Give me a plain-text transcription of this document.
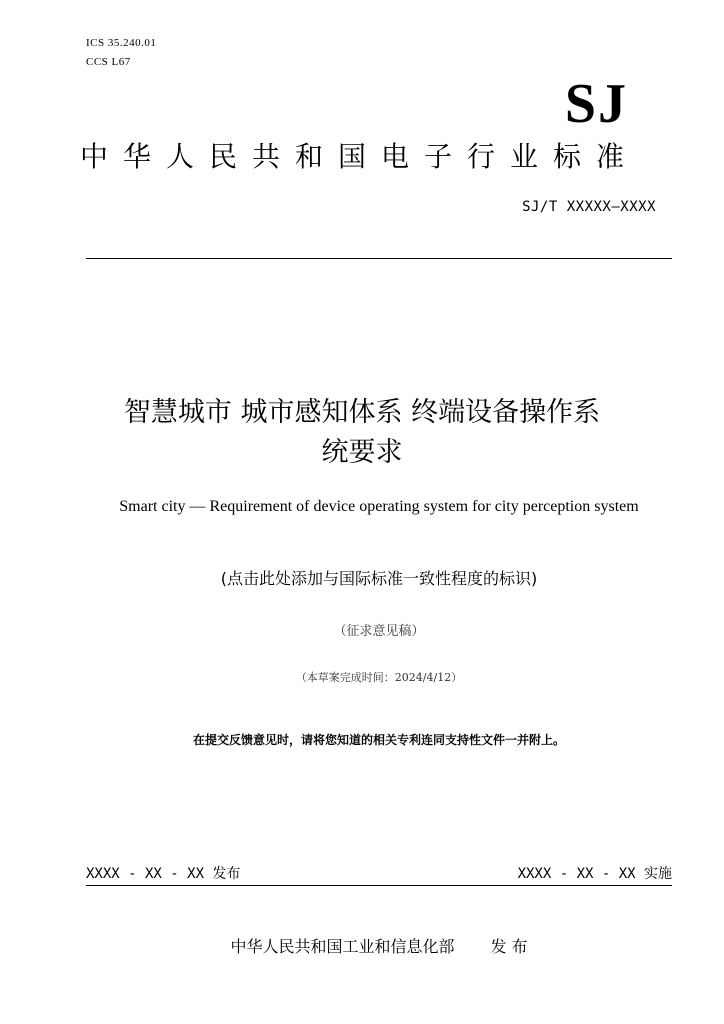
ICS 35.240.01
CCS L67
SJ
中华人民共和国电子行业标准
SJ/T XXXXX—XXXX
智慧城市 城市感知体系 终端设备操作系
统要求
Smart city — Requirement of device operating system for city perception system
(点击此处添加与国际标准一致性程度的标识)
（征求意见稿）
（本草案完成时间：2024/4/12）
在提交反馈意见时，请将您知道的相关专利连同支持性文件一并附上。
XXXX - XX - XX 发布	XXXX - XX - XX 实施
中华人民共和国工业和信息化部 发 布
